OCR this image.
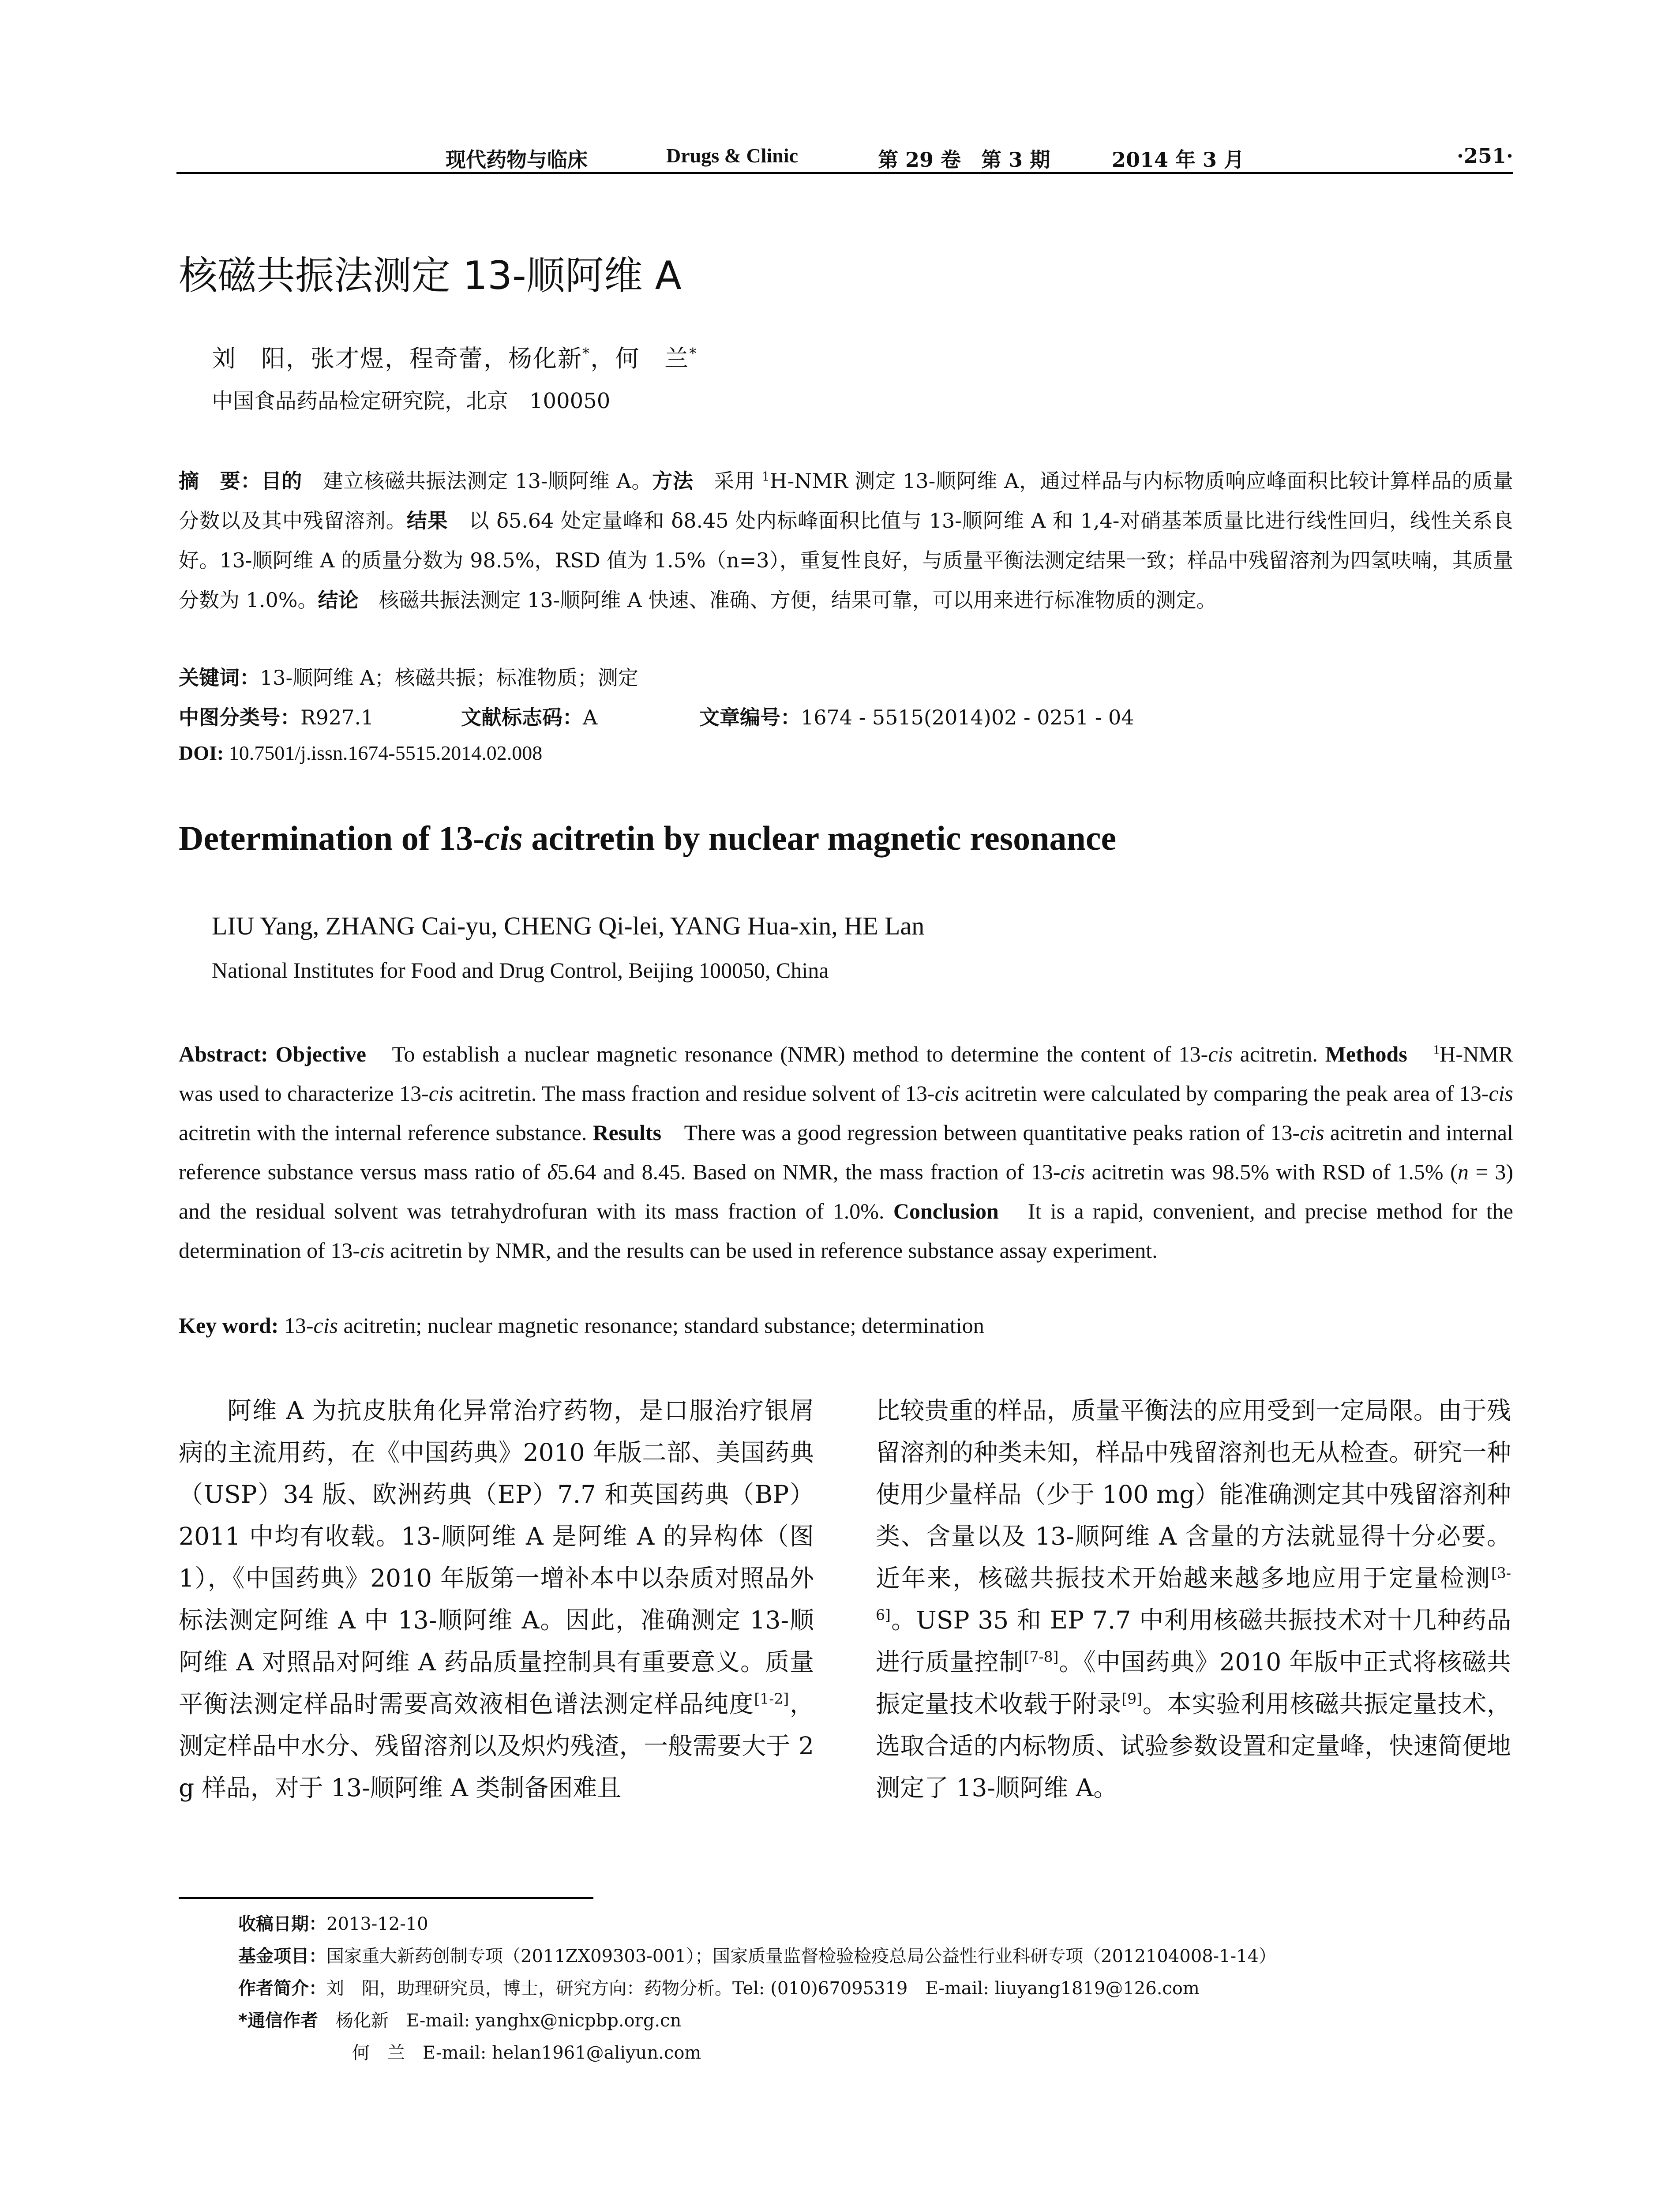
现代药物与临床	Drugs & Clinic	第 29 卷　第 3 期	2014 年 3 月	·251·
核磁共振法测定 13-顺阿维 A
刘　阳，张才煜，程奇蕾，杨化新*，何　兰*
中国食品药品检定研究院，北京　100050
摘　要：目的　建立核磁共振法测定 13-顺阿维 A。方法　采用 $^1$H-NMR 测定 13-顺阿维 A，通过样品与内标物质响应峰面积比较计算样品的质量分数以及其中残留溶剂。结果　以 δ5.64 处定量峰和 δ8.45 处内标峰面积比值与 13-顺阿维 A 和 1,4-对硝基苯质量比进行线性回归，线性关系良好。13-顺阿维 A 的质量分数为 98.5%，RSD 值为 1.5%（n=3），重复性良好，与质量平衡法测定结果一致；样品中残留溶剂为四氢呋喃，其质量分数为 1.0%。结论　核磁共振法测定 13-顺阿维 A 快速、准确、方便，结果可靠，可以用来进行标准物质的测定。
关键词：13-顺阿维 A；核磁共振；标准物质；测定
中图分类号：R927.1	文献标志码：A	文章编号：1674 - 5515(2014)02 - 0251 - 04
DOI: 10.7501/j.issn.1674-5515.2014.02.008
Determination of 13-cis acitretin by nuclear magnetic resonance
LIU Yang, ZHANG Cai-yu, CHENG Qi-lei, YANG Hua-xin, HE Lan
National Institutes for Food and Drug Control, Beijing 100050, China
Abstract: Objective　To establish a nuclear magnetic resonance (NMR) method to determine the content of 13-cis acitretin. Methods　 $^1$H-NMR was used to characterize 13-cis acitretin. The mass fraction and residue solvent of 13-cis acitretin were calculated by comparing the peak area of 13-cis acitretin with the internal reference substance. Results　There was a good regression between quantitative peaks ration of 13-cis acitretin and internal reference substance versus mass ratio of δ5.64 and 8.45. Based on NMR, the mass fraction of 13-cis acitretin was 98.5% with RSD of 1.5% (n = 3) and the residual solvent was tetrahydrofuran with its mass fraction of 1.0%. Conclusion　It is a rapid, convenient, and precise method for the determination of 13-cis acitretin by NMR, and the results can be used in reference substance assay experiment.
Key word: 13-cis acitretin; nuclear magnetic resonance; standard substance; determination

阿维 A 为抗皮肤角化异常治疗药物，是口服治疗银屑病的主流用药，在《中国药典》2010 年版二部、美国药典（USP）34 版、欧洲药典（EP）7.7 和英国药典（BP）2011 中均有收载。13-顺阿维 A 是阿维 A 的异构体（图 1），《中国药典》2010 年版第一增补本中以杂质对照品外标法测定阿维 A 中 13-顺阿维 A。因此，准确测定 13-顺阿维 A 对照品对阿维 A 药品质量控制具有重要意义。质量平衡法测定样品时需要高效液相色谱法测定样品纯度[1-2]，测定样品中水分、残留溶剂以及炽灼残渣，一般需要大于 2 g 样品，对于 13-顺阿维 A 类制备困难且

比较贵重的样品，质量平衡法的应用受到一定局限。由于残留溶剂的种类未知，样品中残留溶剂也无从检查。研究一种使用少量样品（少于 100 mg）能准确测定其中残留溶剂种类、含量以及 13-顺阿维 A 含量的方法就显得十分必要。近年来，核磁共振技术开始越来越多地应用于定量检测[3-6]。USP 35 和 EP 7.7 中利用核磁共振技术对十几种药品进行质量控制[7-8]。《中国药典》2010 年版中正式将核磁共振定量技术收载于附录[9]。本实验利用核磁共振定量技术，选取合适的内标物质、试验参数设置和定量峰，快速简便地测定了 13-顺阿维 A。

收稿日期：2013-12-10
基金项目：国家重大新药创制专项（2011ZX09303-001）；国家质量监督检验检疫总局公益性行业科研专项（2012104008-1-14）
作者简介：刘　阳，助理研究员，博士，研究方向：药物分析。Tel: (010)67095319　E-mail: liuyang1819@126.com
*通信作者　杨化新　E-mail: yanghx@nicpbp.org.cn
何　兰　E-mail: helan1961@aliyun.com
